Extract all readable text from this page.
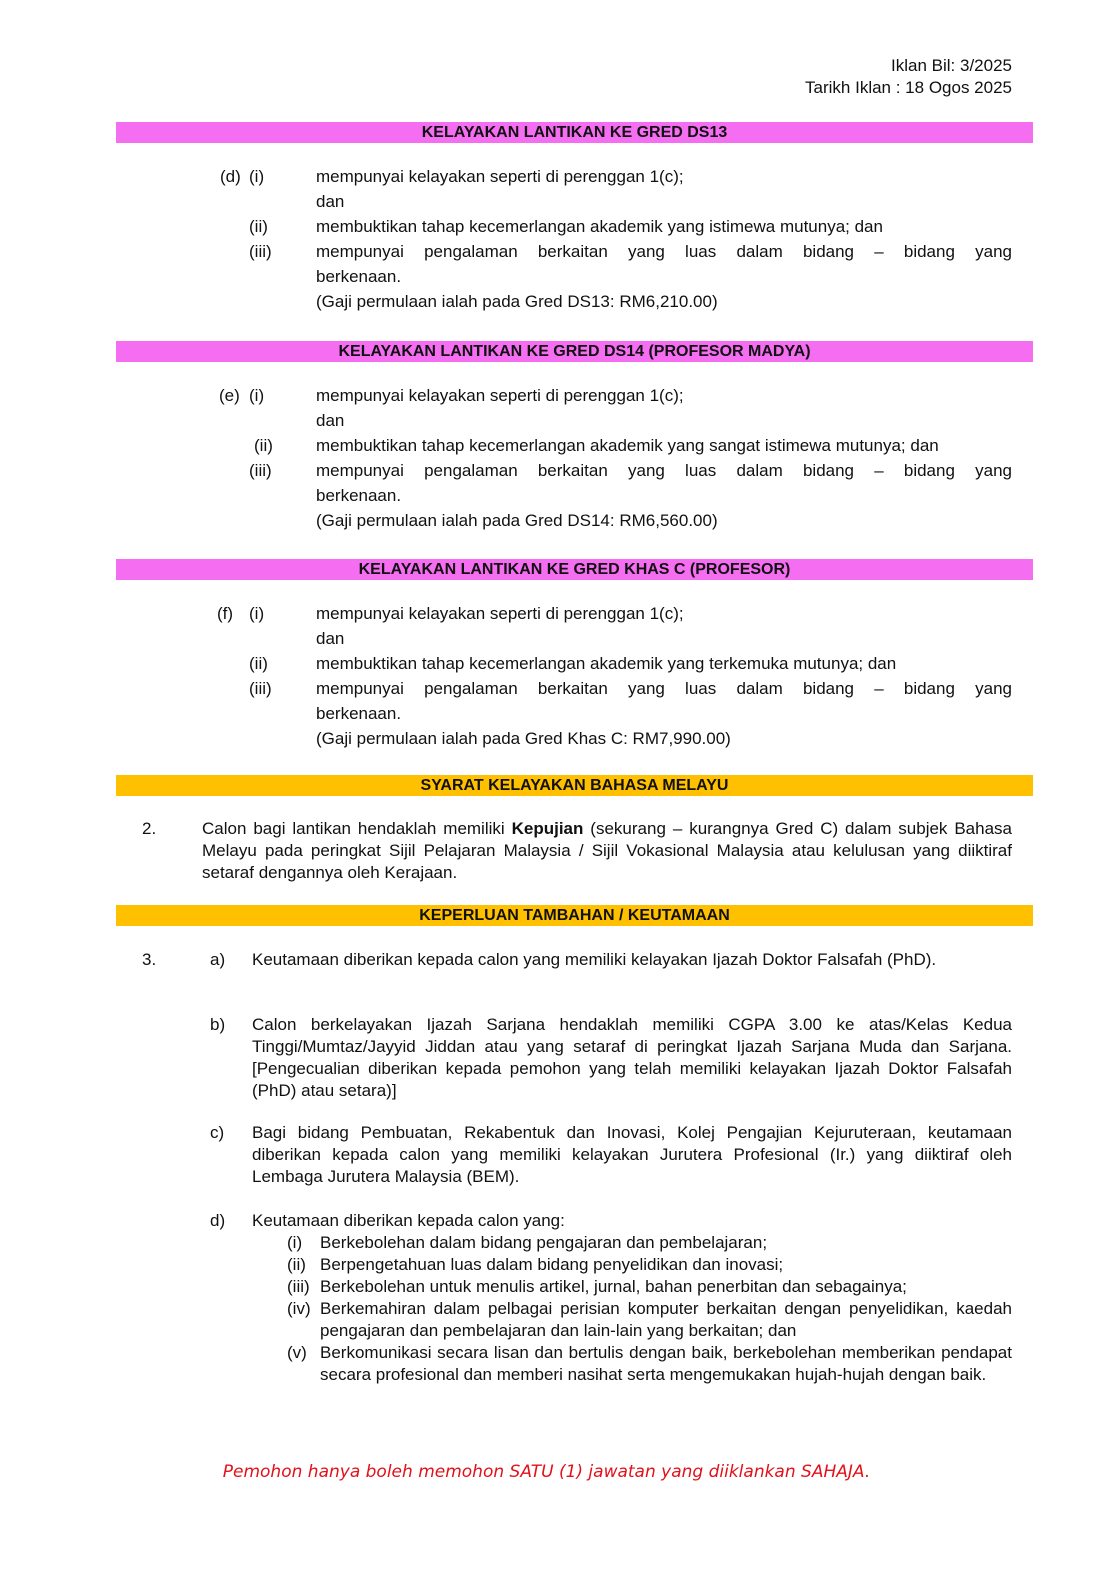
Iklan Bil: 3/2025
Tarikh Iklan : 18 Ogos 2025
KELAYAKAN LANTIKAN KE GRED DS13
(d) (i)	mempunyai kelayakan seperti di perenggan 1(c);
dan
(ii)	membuktikan tahap kecemerlangan akademik yang istimewa mutunya; dan
(iii)	mempunyai pengalaman berkaitan yang luas dalam bidang – bidang yang
berkenaan.
(Gaji permulaan ialah pada Gred DS13: RM6,210.00)
KELAYAKAN LANTIKAN KE GRED DS14 (PROFESOR MADYA)
(e) (i)	mempunyai kelayakan seperti di perenggan 1(c);
dan
(ii)	membuktikan tahap kecemerlangan akademik yang sangat istimewa mutunya; dan
(iii)	mempunyai pengalaman berkaitan yang luas dalam bidang – bidang yang
berkenaan.
(Gaji permulaan ialah pada Gred DS14: RM6,560.00)
KELAYAKAN LANTIKAN KE GRED KHAS C (PROFESOR)
(f) (i)	mempunyai kelayakan seperti di perenggan 1(c);
dan
(ii)	membuktikan tahap kecemerlangan akademik yang terkemuka mutunya; dan
(iii)	mempunyai pengalaman berkaitan yang luas dalam bidang – bidang yang
berkenaan.
(Gaji permulaan ialah pada Gred Khas C: RM7,990.00)
SYARAT KELAYAKAN BAHASA MELAYU
2.	Calon bagi lantikan hendaklah memiliki Kepujian (sekurang – kurangnya Gred C) dalam subjek Bahasa Melayu pada peringkat Sijil Pelajaran Malaysia / Sijil Vokasional Malaysia atau kelulusan yang diiktiraf setaraf dengannya oleh Kerajaan.
KEPERLUAN TAMBAHAN / KEUTAMAAN
3.	a) Keutamaan diberikan kepada calon yang memiliki kelayakan Ijazah Doktor Falsafah (PhD).
b) Calon berkelayakan Ijazah Sarjana hendaklah memiliki CGPA 3.00 ke atas/Kelas Kedua Tinggi/Mumtaz/Jayyid Jiddan atau yang setaraf di peringkat Ijazah Sarjana Muda dan Sarjana. [Pengecualian diberikan kepada pemohon yang telah memiliki kelayakan Ijazah Doktor Falsafah (PhD) atau setara)]
c) Bagi bidang Pembuatan, Rekabentuk dan Inovasi, Kolej Pengajian Kejuruteraan, keutamaan diberikan kepada calon yang memiliki kelayakan Jurutera Profesional (Ir.) yang diiktiraf oleh Lembaga Jurutera Malaysia (BEM).
d) Keutamaan diberikan kepada calon yang:
(i) Berkebolehan dalam bidang pengajaran dan pembelajaran;
(ii) Berpengetahuan luas dalam bidang penyelidikan dan inovasi;
(iii) Berkebolehan untuk menulis artikel, jurnal, bahan penerbitan dan sebagainya;
(iv) Berkemahiran dalam pelbagai perisian komputer berkaitan dengan penyelidikan, kaedah pengajaran dan pembelajaran dan lain-lain yang berkaitan; dan
(v) Berkomunikasi secara lisan dan bertulis dengan baik, berkebolehan memberikan pendapat secara profesional dan memberi nasihat serta mengemukakan hujah-hujah dengan baik.
Pemohon hanya boleh memohon SATU (1) jawatan yang diiklankan SAHAJA.
